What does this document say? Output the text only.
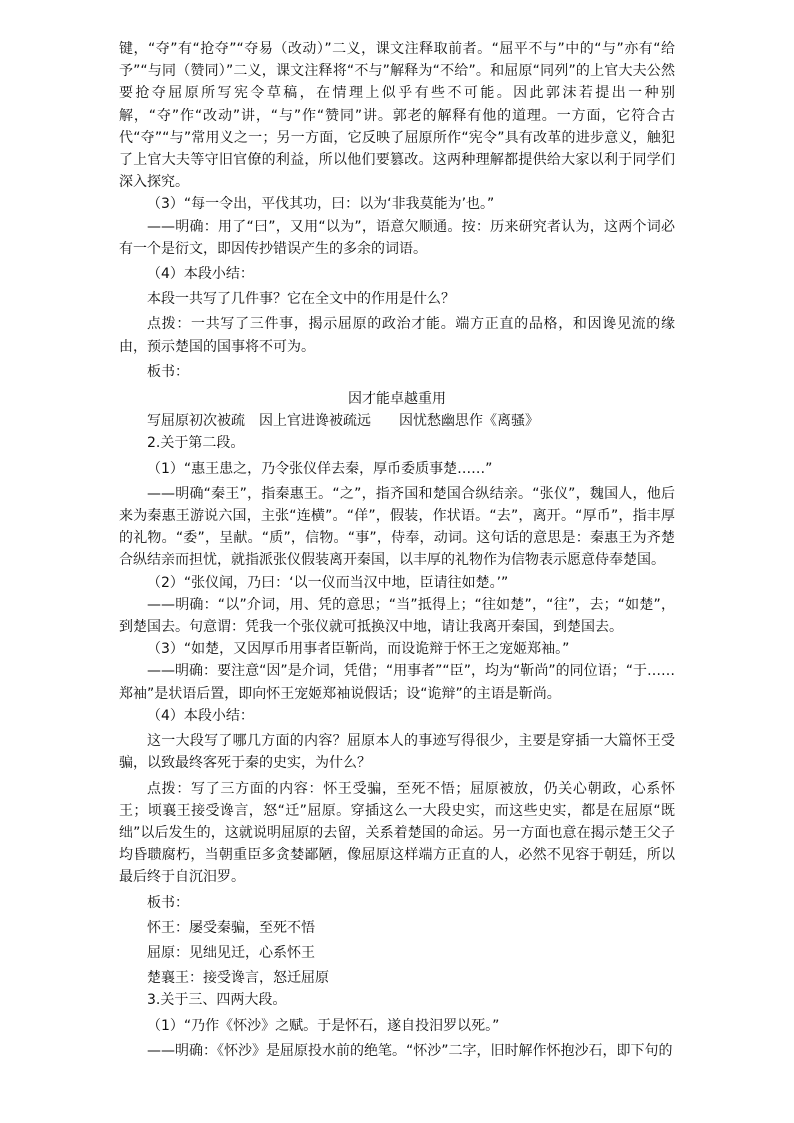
键，“夺”有“抢夺”“夺易（改动）”二义，课文注释取前者。“屈平不与”中的“与”亦有“给予”“与同（赞同）”二义，课文注释将“不与”解释为“不给”。和屈原“同列”的上官大夫公然要抢夺屈原所写宪令草稿，在情理上似乎有些不可能。因此郭沫若提出一种别解，“夺”作“改动”讲，“与”作“赞同”讲。郭老的解释有他的道理。一方面，它符合古代“夺”“与”常用义之一；另一方面，它反映了屈原所作“宪令”具有改革的进步意义，触犯了上官大夫等守旧官僚的利益，所以他们要篡改。这两种理解都提供给大家以利于同学们深入探究。

（3）“每一令出，平伐其功，曰：以为‘非我莫能为’也。”

——明确：用了“曰”，又用“以为”，语意欠顺通。按：历来研究者认为，这两个词必有一个是衍文，即因传抄错误产生的多余的词语。

（4）本段小结：

本段一共写了几件事？它在全文中的作用是什么？

点拨：一共写了三件事，揭示屈原的政治才能。端方正直的品格，和因谗见流的缘由，预示楚国的国事将不可为。

板书：

因才能卓越重用

写屈原初次被疏　因上官进谗被疏远　　因忧愁幽思作《离骚》

2.关于第二段。

（1）“惠王患之，乃令张仪佯去秦，厚币委质事楚……”

——明确“秦王”，指秦惠王。“之”，指齐国和楚国合纵结亲。“张仪”，魏国人，他后来为秦惠王游说六国，主张“连横”。“佯”，假装，作状语。“去”，离开。“厚币”，指丰厚的礼物。“委”，呈献。“质”，信物。“事”，侍奉，动词。这句话的意思是：秦惠王为齐楚合纵结亲而担忧，就指派张仪假装离开秦国，以丰厚的礼物作为信物表示愿意侍奉楚国。

（2）“张仪闻，乃曰：‘以一仪而当汉中地，臣请往如楚。’”

——明确：“以”介词，用、凭的意思；“当”抵得上；“往如楚”，“往”，去；“如楚”，到楚国去。句意谓：凭我一个张仪就可抵换汉中地，请让我离开秦国，到楚国去。

（3）“如楚，又因厚币用事者臣靳尚，而设诡辩于怀王之宠姬郑袖。”

——明确：要注意“因”是介词，凭借；“用事者”“臣”，均为“靳尚”的同位语；“于……郑袖”是状语后置，即向怀王宠姬郑袖说假话；设“诡辩”的主语是靳尚。

（4）本段小结：

这一大段写了哪几方面的内容？屈原本人的事迹写得很少，主要是穿插一大篇怀王受骗，以致最终客死于秦的史实，为什么？

点拨：写了三方面的内容：怀王受骗，至死不悟；屈原被放，仍关心朝政，心系怀王；顷襄王接受谗言，怒“迁”屈原。穿插这么一大段史实，而这些史实，都是在屈原“既绌”以后发生的，这就说明屈原的去留，关系着楚国的命运。另一方面也意在揭示楚王父子均昏聩腐朽，当朝重臣多贪婪鄙陋，像屈原这样端方正直的人，必然不见容于朝廷，所以最后终于自沉汨罗。

板书：

怀王：屡受秦骗，至死不悟

屈原：见绌见迁，心系怀王

楚襄王：接受谗言，怒迁屈原

3.关于三、四两大段。

（1）“乃作《怀沙》之赋。于是怀石，遂自投汨罗以死。”

——明确：《怀沙》是屈原投水前的绝笔。“怀沙”二字，旧时解作怀抱沙石，即下句的
